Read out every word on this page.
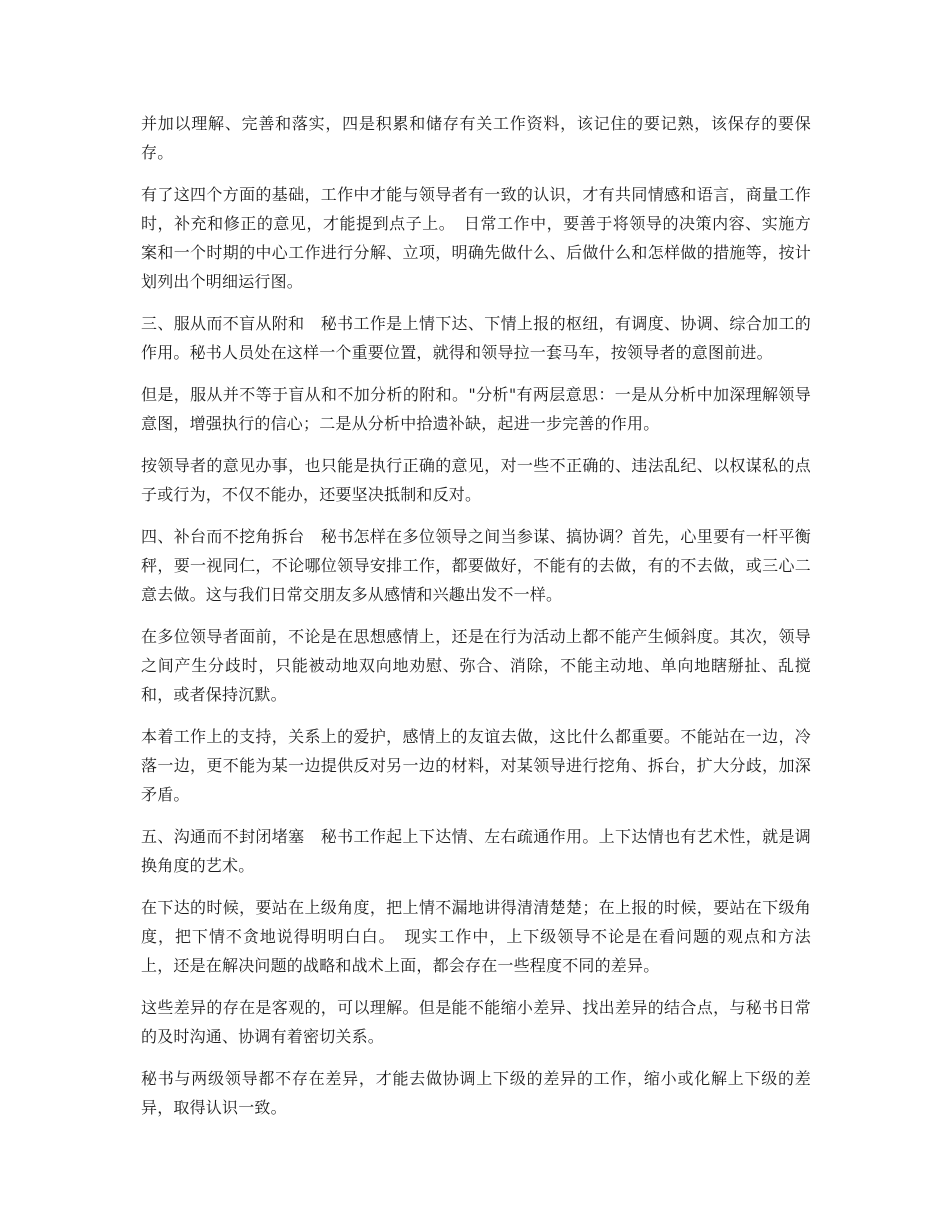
并加以理解、完善和落实，四是积累和储存有关工作资料，该记住的要记熟，该保存的要保存。

有了这四个方面的基础，工作中才能与领导者有一致的认识，才有共同情感和语言，商量工作时，补充和修正的意见，才能提到点子上。　日常工作中，要善于将领导的决策内容、实施方案和一个时期的中心工作进行分解、立项，明确先做什么、后做什么和怎样做的措施等，按计划列出个明细运行图。

三、服从而不盲从附和　秘书工作是上情下达、下情上报的枢纽，有调度、协调、综合加工的作用。秘书人员处在这样一个重要位置，就得和领导拉一套马车，按领导者的意图前进。

但是，服从并不等于盲从和不加分析的附和。"分析"有两层意思：一是从分析中加深理解领导意图，增强执行的信心；二是从分析中拾遗补缺，起进一步完善的作用。

按领导者的意见办事，也只能是执行正确的意见，对一些不正确的、违法乱纪、以权谋私的点子或行为，不仅不能办，还要坚决抵制和反对。

四、补台而不挖角拆台　秘书怎样在多位领导之间当参谋、搞协调？首先，心里要有一杆平衡秤，要一视同仁，不论哪位领导安排工作，都要做好，不能有的去做，有的不去做，或三心二意去做。这与我们日常交朋友多从感情和兴趣出发不一样。

在多位领导者面前，不论是在思想感情上，还是在行为活动上都不能产生倾斜度。其次，领导之间产生分歧时，只能被动地双向地劝慰、弥合、消除，不能主动地、单向地瞎掰扯、乱搅和，或者保持沉默。

本着工作上的支持，关系上的爱护，感情上的友谊去做，这比什么都重要。不能站在一边，冷落一边，更不能为某一边提供反对另一边的材料，对某领导进行挖角、拆台，扩大分歧，加深矛盾。

五、沟通而不封闭堵塞　秘书工作起上下达情、左右疏通作用。上下达情也有艺术性，就是调换角度的艺术。

在下达的时候，要站在上级角度，把上情不漏地讲得清清楚楚；在上报的时候，要站在下级角度，把下情不贪地说得明明白白。　现实工作中，上下级领导不论是在看问题的观点和方法上，还是在解决问题的战略和战术上面，都会存在一些程度不同的差异。

这些差异的存在是客观的，可以理解。但是能不能缩小差异、找出差异的结合点，与秘书日常的及时沟通、协调有着密切关系。

秘书与两级领导都不存在差异，才能去做协调上下级的差异的工作，缩小或化解上下级的差异，取得认识一致。
